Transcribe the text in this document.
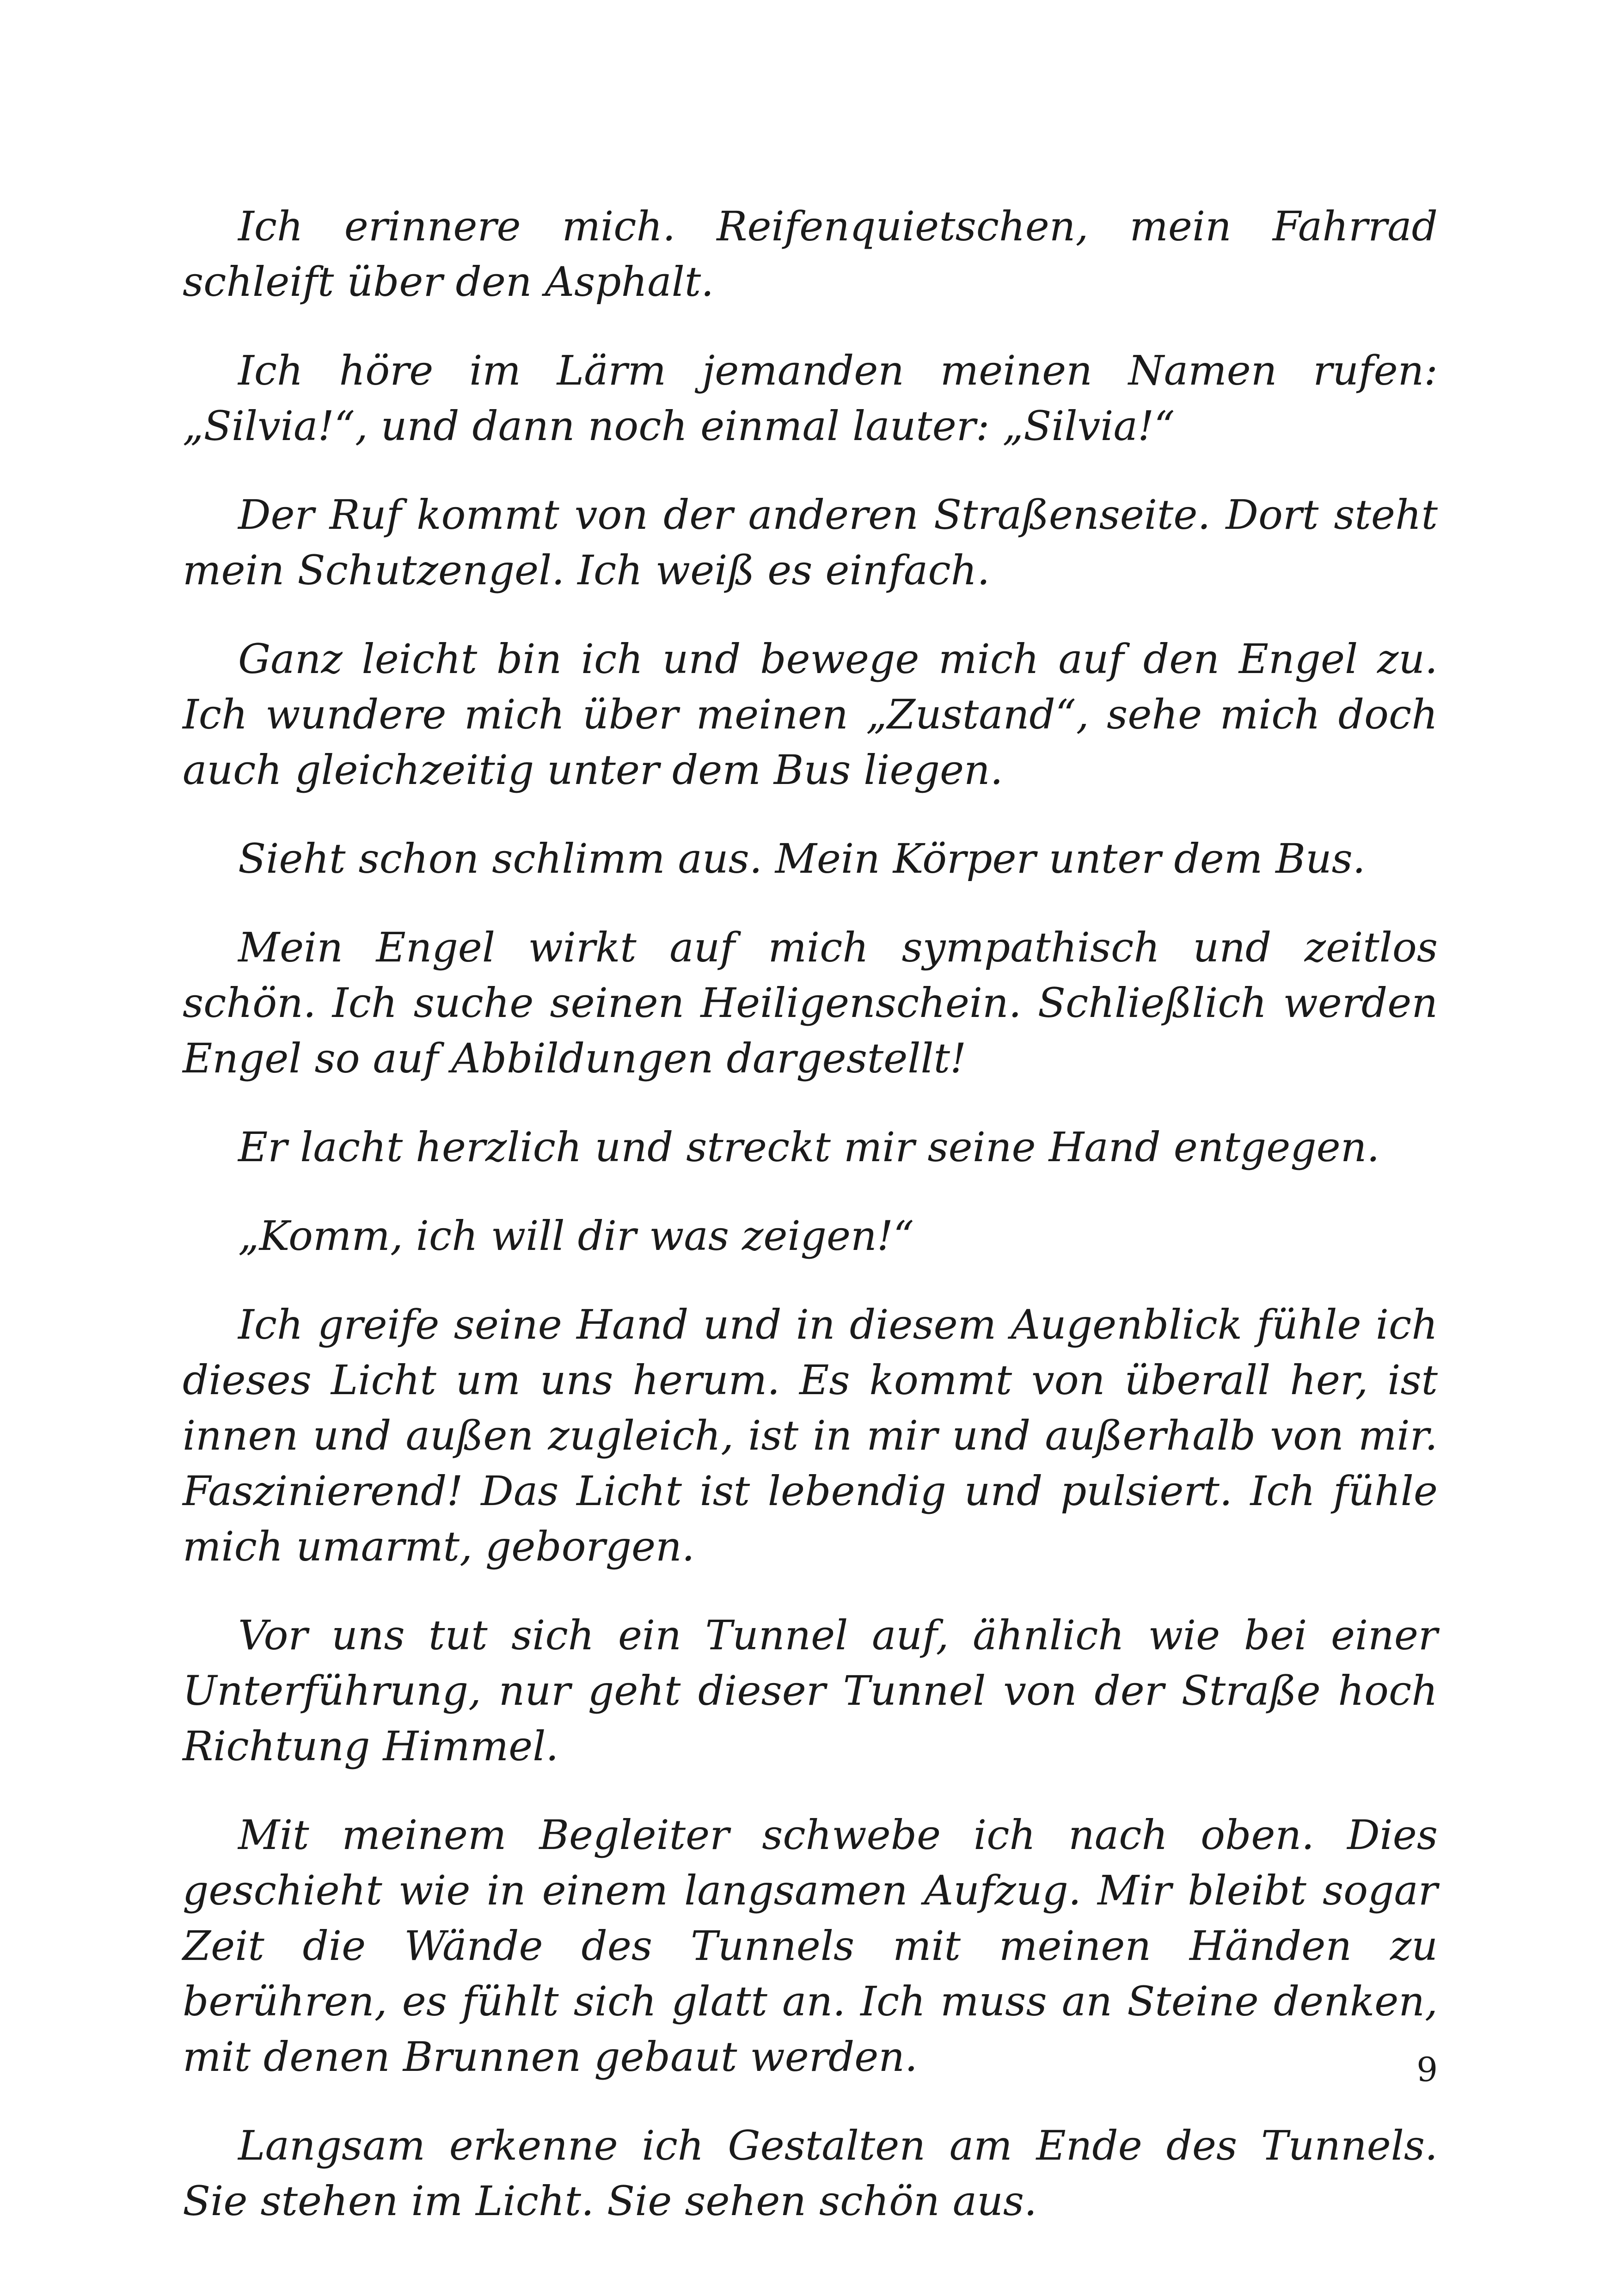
Ich erinnere mich. Reifenquietschen, mein Fahrrad schleift über den Asphalt.

Ich höre im Lärm jemanden meinen Namen rufen: „Silvia!“, und dann noch einmal lauter: „Silvia!“

Der Ruf kommt von der anderen Straßenseite. Dort steht mein Schutzengel. Ich weiß es einfach.

Ganz leicht bin ich und bewege mich auf den Engel zu. Ich wundere mich über meinen „Zustand“, sehe mich doch auch gleichzeitig unter dem Bus liegen.

Sieht schon schlimm aus. Mein Körper unter dem Bus.

Mein Engel wirkt auf mich sympathisch und zeitlos schön. Ich suche seinen Heiligenschein. Schließlich werden Engel so auf Abbildungen dargestellt!

Er lacht herzlich und streckt mir seine Hand entgegen.

„Komm, ich will dir was zeigen!“

Ich greife seine Hand und in diesem Augenblick fühle ich dieses Licht um uns herum. Es kommt von überall her, ist innen und außen zugleich, ist in mir und außerhalb von mir. Faszinierend! Das Licht ist lebendig und pulsiert. Ich fühle mich umarmt, geborgen.

Vor uns tut sich ein Tunnel auf, ähnlich wie bei einer Unterführung, nur geht dieser Tunnel von der Straße hoch Richtung Himmel.

Mit meinem Begleiter schwebe ich nach oben. Dies geschieht wie in einem langsamen Aufzug. Mir bleibt sogar Zeit die Wände des Tunnels mit meinen Händen zu berühren, es fühlt sich glatt an. Ich muss an Steine denken, mit denen Brunnen gebaut werden.

Langsam erkenne ich Gestalten am Ende des Tunnels. Sie stehen im Licht. Sie sehen schön aus.

9
